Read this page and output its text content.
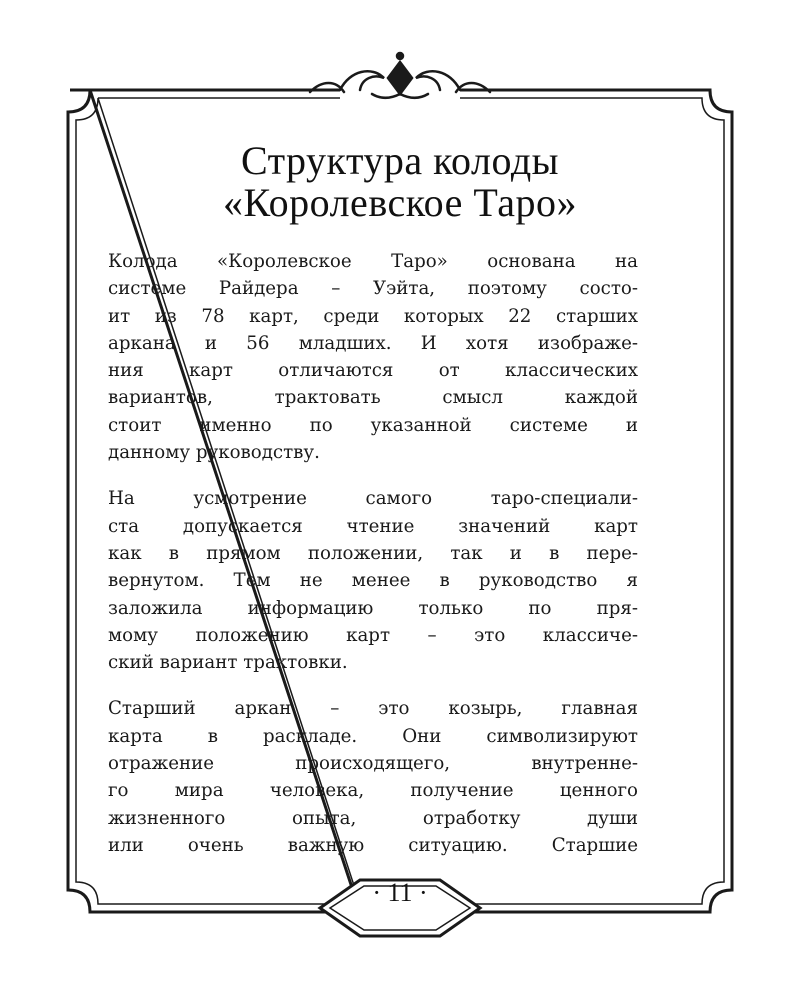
Структура колоды
«Королевское Таро»

Колода «Королевское Таро» основана на
системе Райдера – Уэйта, поэтому состо-
ит из 78 карт, среди которых 22 старших
аркана и 56 младших. И хотя изображе-
ния карт отличаются от классических
вариантов, трактовать смысл каждой
стоит именно по указанной системе и
данному руководству.

На усмотрение самого таро-специали-
ста допускается чтение значений карт
как в прямом положении, так и в пере-
вернутом. Тем не менее в руководство я
заложила информацию только по пря-
мому положению карт – это классиче-
ский вариант трактовки.

Старший аркан – это козырь, главная
карта в раскладе. Они символизируют
отражение происходящего, внутренне-
го мира человека, получение ценного
жизненного опыта, отработку души
или очень важную ситуацию. Старшие

· 11 ·
